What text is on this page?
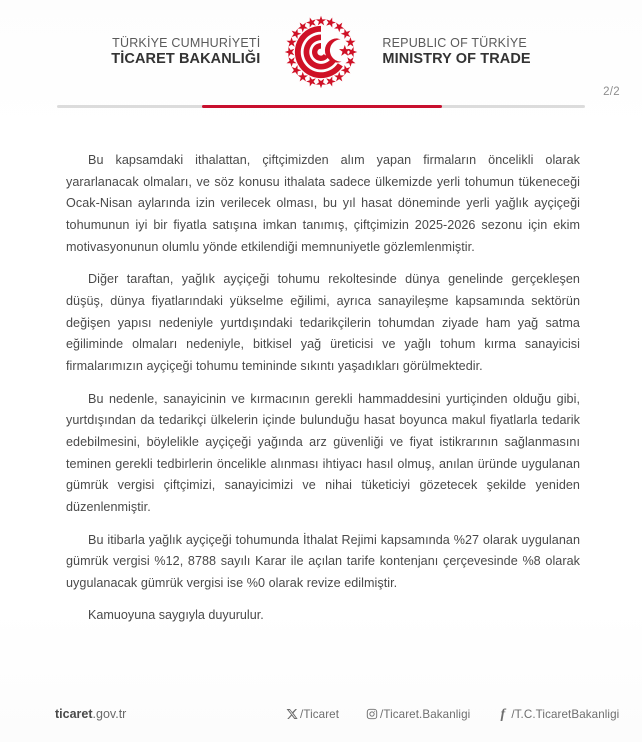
TÜRKİYE CUMHURİYETİ
TİCARET BAKANLIĞI
REPUBLIC OF TÜRKİYE
MINISTRY OF TRADE
2/2

Bu kapsamdaki ithalattan, çiftçimizden alım yapan firmaların öncelikli olarak yararlanacak olmaları, ve söz konusu ithalata sadece ülkemizde yerli tohumun tükeneceği Ocak-Nisan aylarında izin verilecek olması, bu yıl hasat döneminde yerli yağlık ayçiçeği tohumunun iyi bir fiyatla satışına imkan tanımış, çiftçimizin 2025-2026 sezonu için ekim motivasyonunun olumlu yönde etkilendiği memnuniyetle gözlemlenmiştir.

Diğer taraftan, yağlık ayçiçeği tohumu rekoltesinde dünya genelinde gerçekleşen düşüş, dünya fiyatlarındaki yükselme eğilimi, ayrıca sanayileşme kapsamında sektörün değişen yapısı nedeniyle yurtdışındaki tedarikçilerin tohumdan ziyade ham yağ satma eğiliminde olmaları nedeniyle, bitkisel yağ üreticisi ve yağlı tohum kırma sanayicisi firmalarımızın ayçiçeği tohumu temininde sıkıntı yaşadıkları görülmektedir.

Bu nedenle, sanayicinin ve kırmacının gerekli hammaddesini yurtiçinden olduğu gibi, yurtdışından da tedarikçi ülkelerin içinde bulunduğu hasat boyunca makul fiyatlarla tedarik edebilmesini, böylelikle ayçiçeği yağında arz güvenliği ve fiyat istikrarının sağlanmasını teminen gerekli tedbirlerin öncelikle alınması ihtiyacı hasıl olmuş, anılan üründe uygulanan gümrük vergisi çiftçimizi, sanayicimizi ve nihai tüketiciyi gözetecek şekilde yeniden düzenlenmiştir.

Bu itibarla yağlık ayçiçeği tohumunda İthalat Rejimi kapsamında %27 olarak uygulanan gümrük vergisi %12, 8788 sayılı Karar ile açılan tarife kontenjanı çerçevesinde %8 olarak uygulanacak gümrük vergisi ise %0 olarak revize edilmiştir.

Kamuoyuna saygıyla duyurulur.

ticaret.gov.tr	/Ticaret	/Ticaret.Bakanligi f /T.C.TicaretBakanligi
